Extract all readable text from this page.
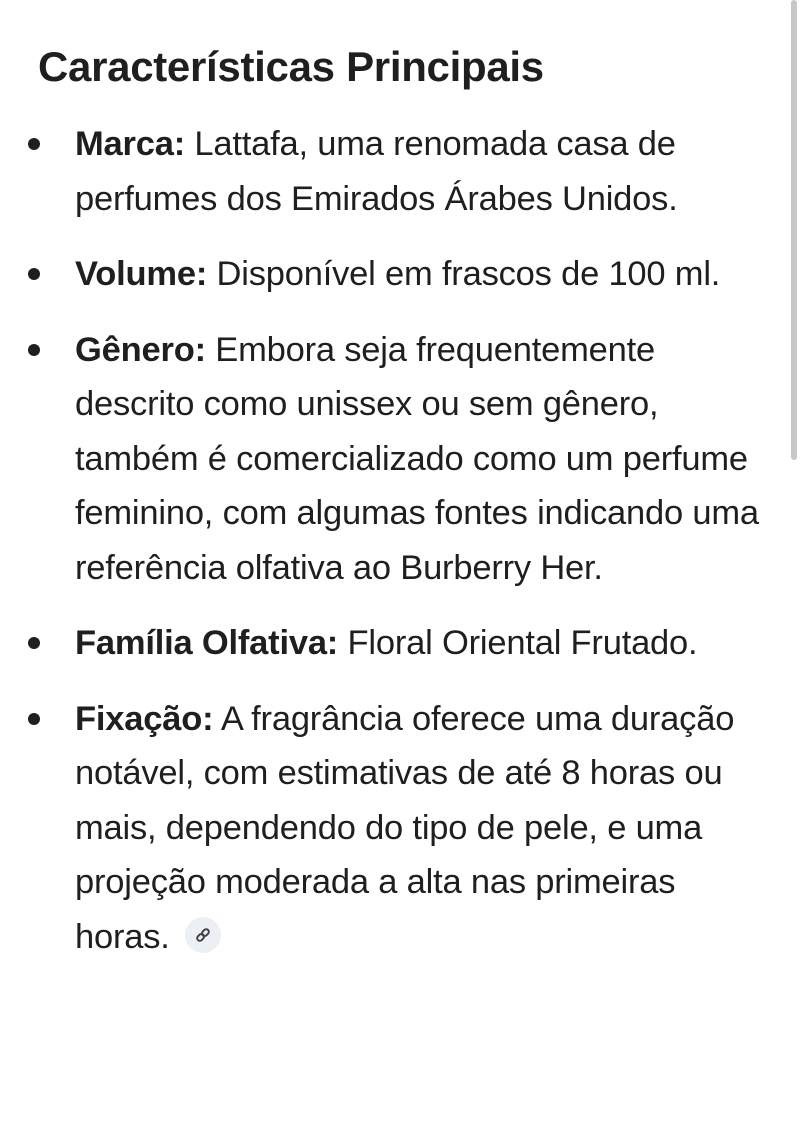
Características Principais
Marca: Lattafa, uma renomada casa de perfumes dos Emirados Árabes Unidos.
Volume: Disponível em frascos de 100 ml.
Gênero: Embora seja frequentemente descrito como unissex ou sem gênero, também é comercializado como um perfume feminino, com algumas fontes indicando uma referência olfativa ao Burberry Her.
Família Olfativa: Floral Oriental Frutado.
Fixação: A fragrância oferece uma duração notável, com estimativas de até 8 horas ou mais, dependendo do tipo de pele, e uma projeção moderada a alta nas primeiras horas.
